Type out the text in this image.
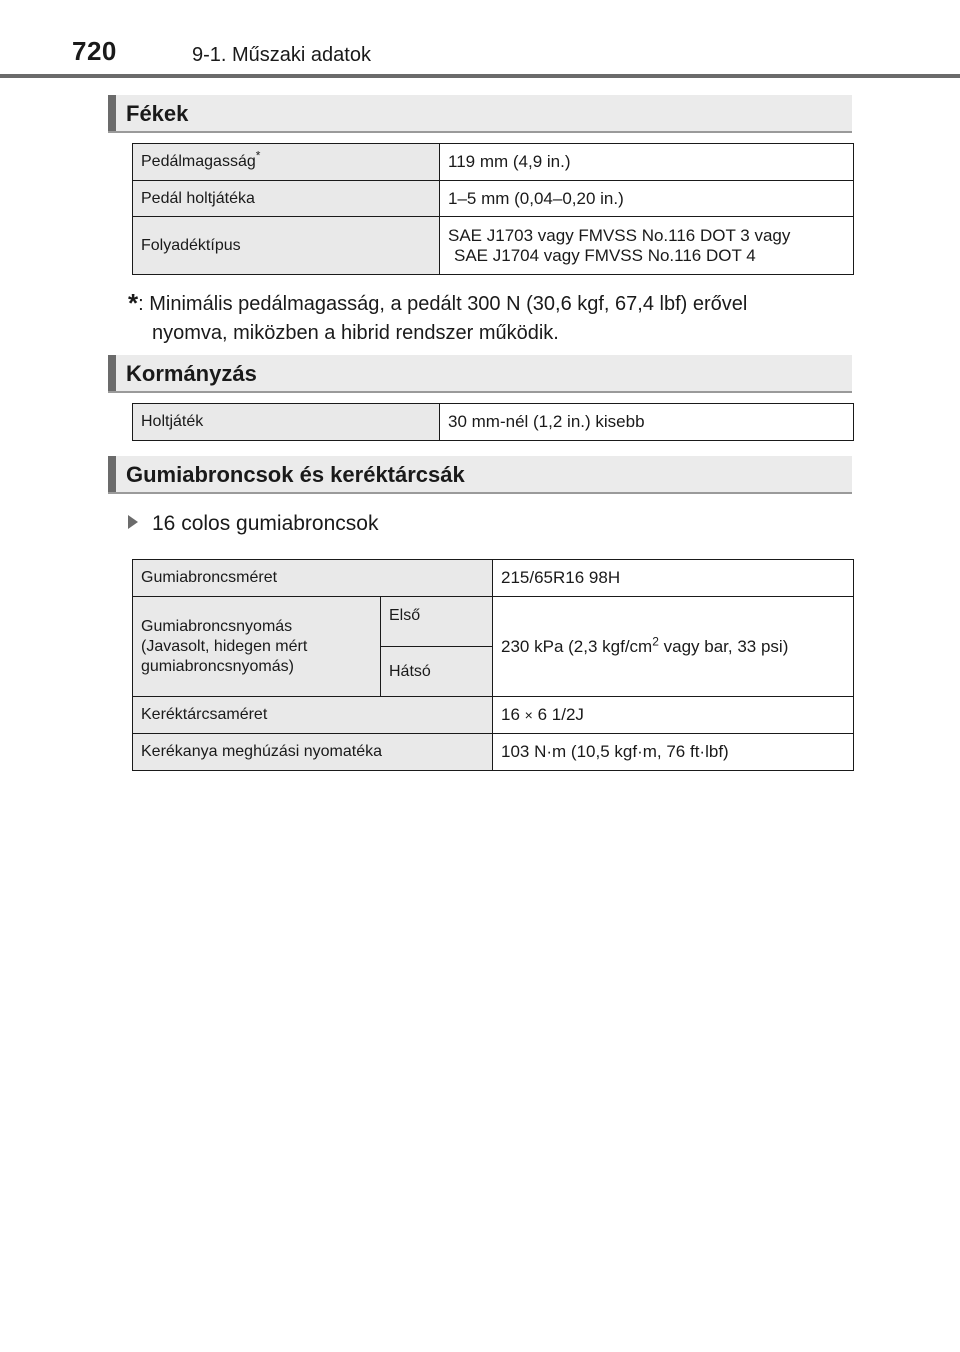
720	9-1. Műszaki adatok
Fékek
Pedálmagasság*	119 mm (4,9 in.)
Pedál holtjátéka	1–5 mm (0,04–0,20 in.)
Folyadéktípus	SAE J1703 vagy FMVSS No.116 DOT 3 vagy
SAE J1704 vagy FMVSS No.116 DOT 4
*: Minimális pedálmagasság, a pedált 300 N (30,6 kgf, 67,4 lbf) erővel
nyomva, miközben a hibrid rendszer működik.
Kormányzás
Holtjáték	30 mm-nél (1,2 in.) kisebb
Gumiabroncsok és keréktárcsák
16 colos gumiabroncsok
Gumiabroncsméret		215/65R16 98H

Gumiabroncsnyomás
(Javasolt, hidegen mért
gumiabroncsnyomás)	Első	230 kPa (2,3 kgf/$cm^2$ vagy bar, 33 psi)
	Hátsó	
Keréktárcsaméret		16 × 6 1/2J
Kerékanya meghúzási nyomatéka		103 N·m (10,5 kgf·m, 76 ft·lbf)
